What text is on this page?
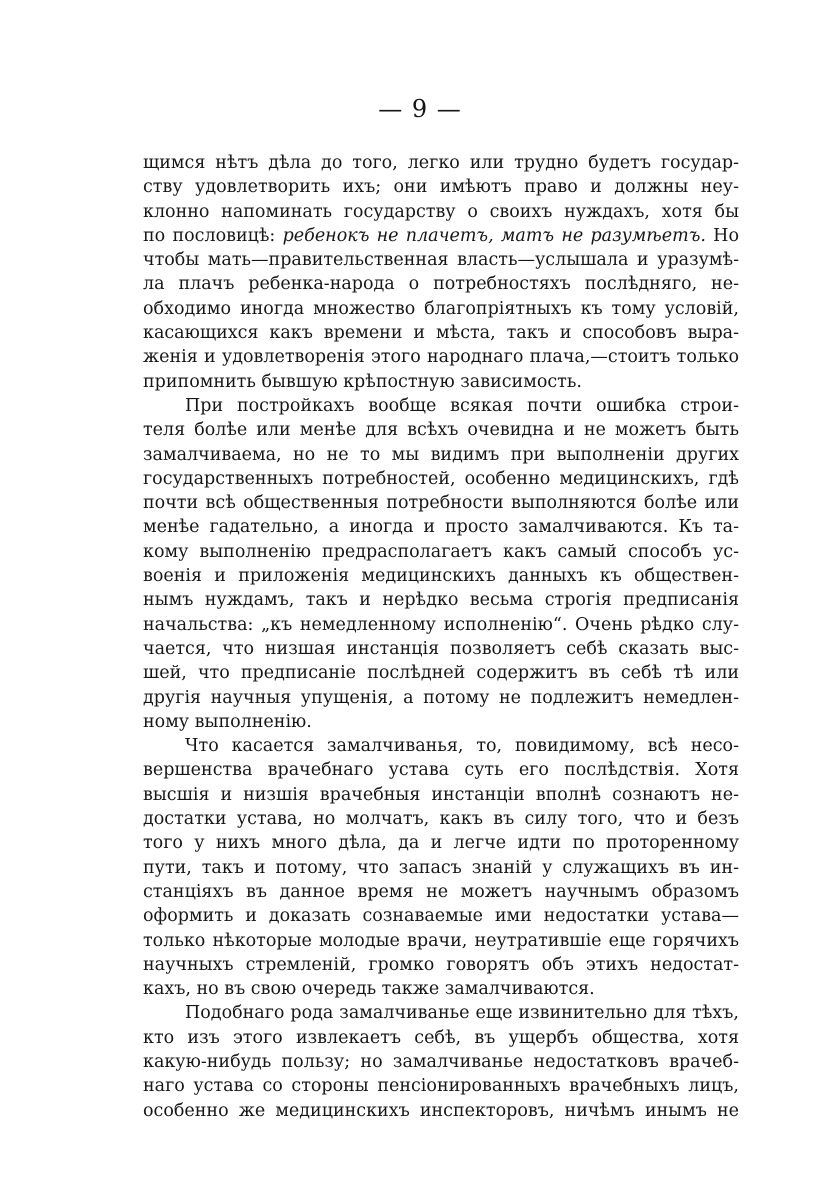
— 9 —
щимся нѣтъ дѣла до того, легко или трудно будетъ государ-
ству удовлетворить ихъ; они имѣютъ право и должны неу-
клонно напоминать государству о своихъ нуждахъ, хотя бы
по пословицѣ: ребенокъ не плачетъ, матъ не разумѣетъ. Но
чтобы мать—правительственная власть—услышала и уразумѣ-
ла плачъ ребенка-народа о потребностяхъ послѣдняго, не-
обходимо иногда множество благопріятныхъ къ тому условій,
касающихся какъ времени и мѣста, такъ и способовъ выра-
женія и удовлетворенія этого народнаго плача,—стоитъ только
припомнить бывшую крѣпостную зависимость.
При постройкахъ вообще всякая почти ошибка строи-
теля болѣе или менѣе для всѣхъ очевидна и не можетъ быть
замалчиваема, но не то мы видимъ при выполненіи других
государственныхъ потребностей, особенно медицинскихъ, гдѣ
почти всѣ общественныя потребности выполняются болѣе или
менѣе гадательно, а иногда и просто замалчиваются. Къ та-
кому выполненію предрасполагаетъ какъ самый способъ ус-
военія и приложенія медицинскихъ данныхъ къ обществен-
нымъ нуждамъ, такъ и нерѣдко весьма строгія предписанія
начальства: „къ немедленному исполненію“. Очень рѣдко слу-
чается, что низшая инстанція позволяетъ себѣ сказать выс-
шей, что предписаніе послѣдней содержитъ въ себѣ тѣ или
другія научныя упущенія, а потому не подлежитъ немедлен-
ному выполненію.
Что касается замалчиванья, то, повидимому, всѣ несо-
вершенства врачебнаго устава суть его послѣдствія. Хотя
высшія и низшія врачебныя инстанціи вполнѣ сознаютъ не-
достатки устава, но молчатъ, какъ въ силу того, что и безъ
того у нихъ много дѣла, да и легче идти по проторенному
пути, такъ и потому, что запасъ знаній у служащихъ въ ин-
станціяхъ въ данное время не можетъ научнымъ образомъ
оформить и доказать сознаваемые ими недостатки устава—
только нѣкоторые молодые врачи, неутратившіе еще горячихъ
научныхъ стремленій, громко говорятъ объ этихъ недостат-
кахъ, но въ свою очередь также замалчиваются.
Подобнаго рода замалчиванье еще извинительно для тѣхъ,
кто изъ этого извлекаетъ себѣ, въ ущербъ общества, хотя
какую-нибудь пользу; но замалчиванье недостатковъ врачеб-
наго устава со стороны пенсіонированныхъ врачебныхъ лицъ,
особенно же медицинскихъ инспекторовъ, ничѣмъ инымъ не
